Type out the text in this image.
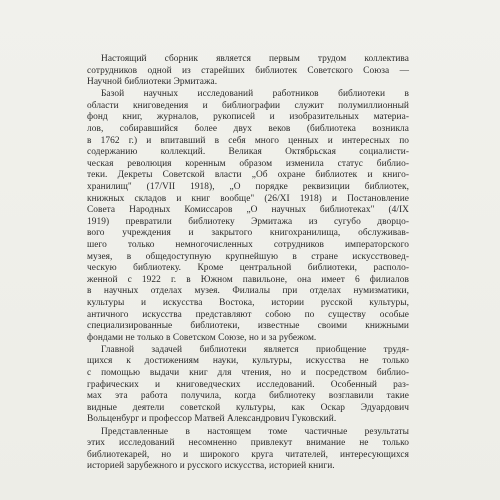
Настоящий сборник является первым трудом коллектива
сотрудников одной из старейших библиотек Советского Союза —
Научной библиотеки Эрмитажа.
Базой научных исследований работников библиотеки в
области книговедения и библиографии служит полумиллионный
фонд книг, журналов, рукописей и изобразительных материа-
лов, собиравшийся более двух веков (библиотека возникла
в 1762 г.) и впитавший в себя много ценных и интересных по
содержанию коллекций. Великая Октябрьская социалисти-
ческая революция коренным образом изменила статус библио-
теки. Декреты Советской власти „Об охране библиотек и книго-
хранилищ" (17/VII 1918), „О порядке реквизиции библиотек,
книжных складов и книг вообще" (26/XI 1918) и Постановление
Совета Народных Комиссаров „О научных библиотеках" (4/IX
1919) превратили библиотеку Эрмитажа из сугубо дворцо-
вого учреждения и закрытого книгохранилища, обслуживав-
шего только немногочисленных сотрудников императорского
музея, в общедоступную крупнейшую в стране искусствовед-
ческую библиотеку. Кроме центральной библиотеки, располо-
женной с 1922 г. в Южном павильоне, она имеет 6 филиалов
в научных отделах музея. Филиалы при отделах нумизматики,
культуры и искусства Востока, истории русской культуры,
античного искусства представляют собою по существу особые
специализированные библиотеки, известные своими книжными
фондами не только в Советском Союзе, но и за рубежом.
Главной задачей библиотеки является приобщение трудя-
щихся к достижениям науки, культуры, искусства не только
с помощью выдачи книг для чтения, но и посредством библио-
графических и книговедческих исследований. Особенный раз-
мах эта работа получила, когда библиотеку возглавили такие
видные деятели советской культуры, как Оскар Эдуардович
Вольценбург и профессор Матвей Александрович Гуковский.
Представленные в настоящем томе частичные результаты
этих исследований несомненно привлекут внимание не только
библиотекарей, но и широкого круга читателей, интересующихся
историей зарубежного и русского искусства, историей книги.
